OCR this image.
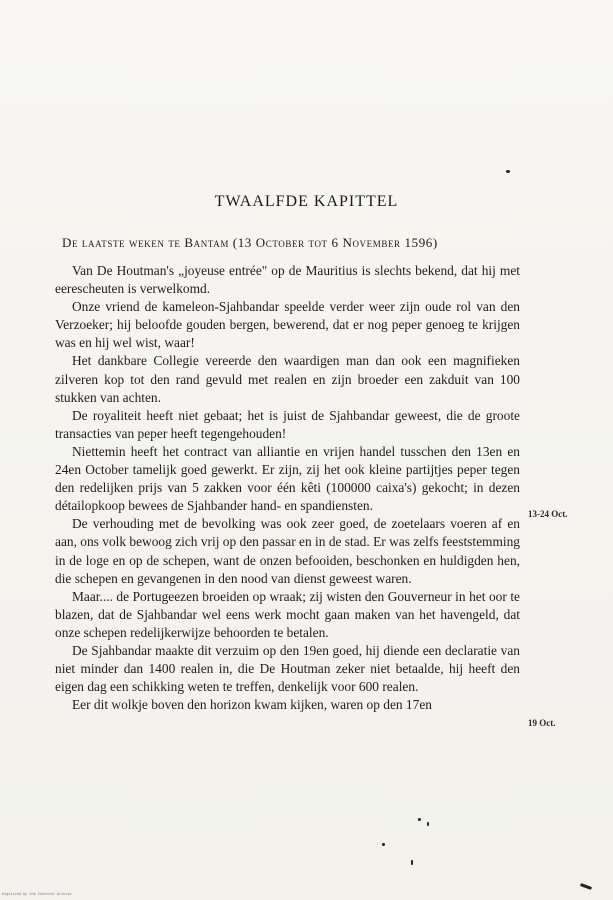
TWAALFDE KAPITTEL
De laatste weken te Bantam (13 October tot 6 November 1596)

Van De Houtman's „joyeuse entrée" op de Mauritius is slechts bekend, dat hij met eerescheuten is verwelkomd.

Onze vriend de kameleon-Sjahbandar speelde verder weer zijn oude rol van den Verzoeker; hij beloofde gouden bergen, bewerend, dat er nog peper genoeg te krijgen was en hij wel wist, waar!

Het dankbare Collegie vereerde den waardigen man dan ook een magnifieken zilveren kop tot den rand gevuld met realen en zijn broeder een zakduit van 100 stukken van achten.

De royaliteit heeft niet gebaat; het is juist de Sjahbandar geweest, die de groote transacties van peper heeft tegengehouden!

Niettemin heeft het contract van alliantie en vrijen handel tusschen den 13en en 24en October tamelijk goed gewerkt. Er zijn, zij het ook kleine partijtjes peper tegen den redelijken prijs van 5 zakken voor één kêti (100000 caixa's) gekocht; in dezen détailopkoop bewees de Sjahbander hand- en spandiensten.

De verhouding met de bevolking was ook zeer goed, de zoetelaars voeren af en aan, ons volk bewoog zich vrij op den passar en in de stad. Er was zelfs feeststemming in de loge en op de schepen, want de onzen befooiden, beschonken en huldigden hen, die schepen en gevangenen in den nood van dienst geweest waren.

Maar.... de Portugeezen broeiden op wraak; zij wisten den Gouverneur in het oor te blazen, dat de Sjahbandar wel eens werk mocht gaan maken van het havengeld, dat onze schepen redelijkerwijze behoorden te betalen.

De Sjahbandar maakte dit verzuim op den 19en goed, hij diende een declaratie van niet minder dan 1400 realen in, die De Houtman zeker niet betaalde, hij heeft den eigen dag een schikking weten te treffen, denkelijk voor 600 realen.

Eer dit wolkje boven den horizon kwam kijken, waren op den 17en

13-24 Oct.
19 Oct.
Digitized by the Internet Archive
